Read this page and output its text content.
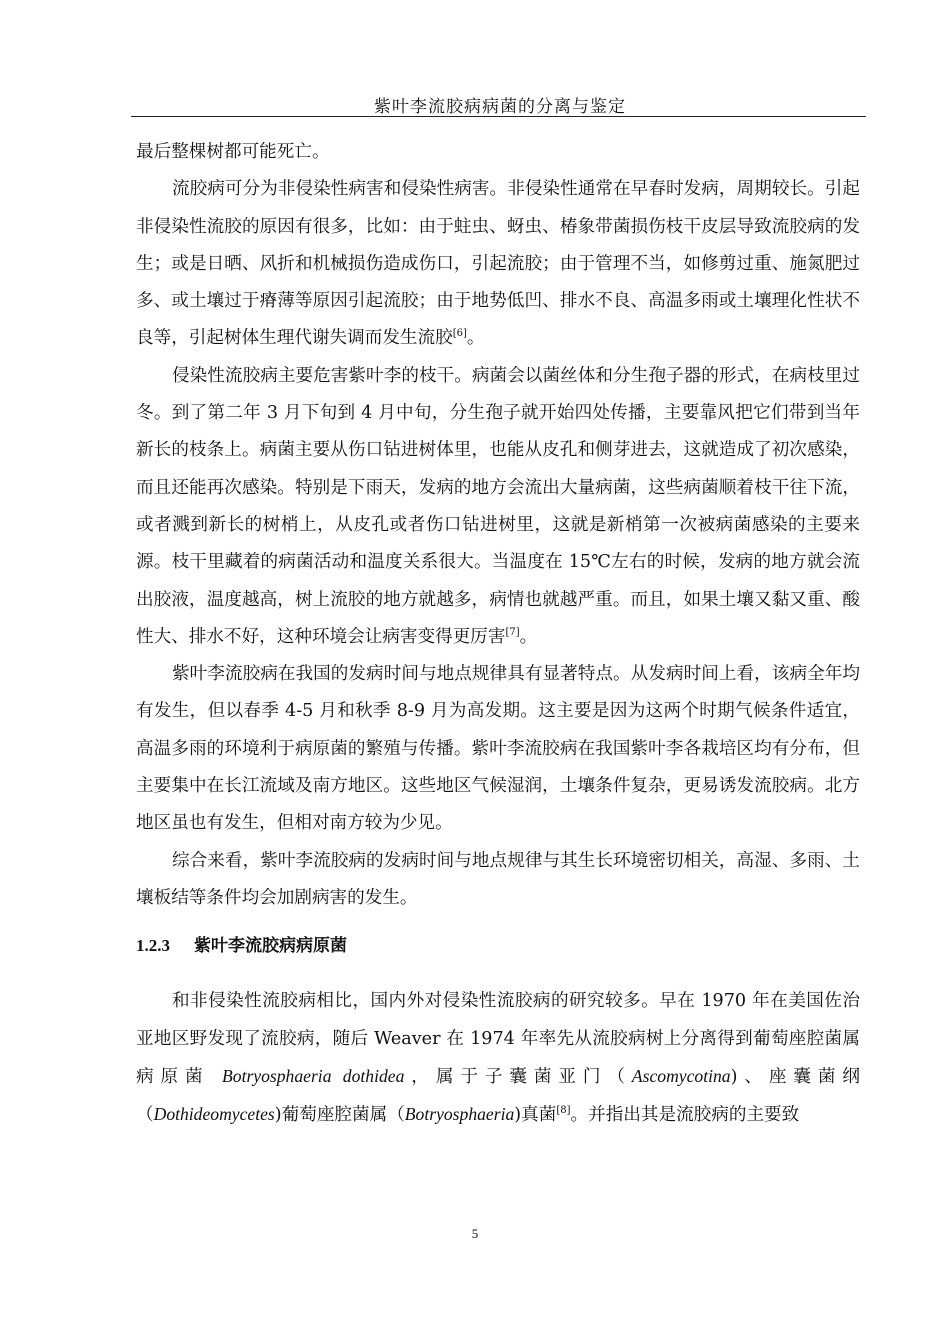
紫叶李流胶病病菌的分离与鉴定

最后整棵树都可能死亡。

流胶病可分为非侵染性病害和侵染性病害。非侵染性通常在早春时发病，周期较长。引起非侵染性流胶的原因有很多，比如：由于蛀虫、蚜虫、椿象带菌损伤枝干皮层导致流胶病的发生；或是日晒、风折和机械损伤造成伤口，引起流胶；由于管理不当，如修剪过重、施氮肥过多、或土壤过于瘠薄等原因引起流胶；由于地势低凹、排水不良、高温多雨或土壤理化性状不良等，引起树体生理代谢失调而发生流胶[6]。

侵染性流胶病主要危害紫叶李的枝干。病菌会以菌丝体和分生孢子器的形式，在病枝里过冬。到了第二年 3 月下旬到 4 月中旬，分生孢子就开始四处传播，主要靠风把它们带到当年新长的枝条上。病菌主要从伤口钻进树体里，也能从皮孔和侧芽进去，这就造成了初次感染，而且还能再次感染。特别是下雨天，发病的地方会流出大量病菌，这些病菌顺着枝干往下流，或者溅到新长的树梢上，从皮孔或者伤口钻进树里，这就是新梢第一次被病菌感染的主要来源。枝干里藏着的病菌活动和温度关系很大。当温度在 15℃左右的时候，发病的地方就会流出胶液，温度越高，树上流胶的地方就越多，病情也就越严重。而且，如果土壤又黏又重、酸性大、排水不好，这种环境会让病害变得更厉害[7]。

紫叶李流胶病在我国的发病时间与地点规律具有显著特点。从发病时间上看，该病全年均有发生，但以春季 4-5 月和秋季 8-9 月为高发期。这主要是因为这两个时期气候条件适宜，高温多雨的环境利于病原菌的繁殖与传播。紫叶李流胶病在我国紫叶李各栽培区均有分布，但主要集中在长江流域及南方地区。这些地区气候湿润，土壤条件复杂，更易诱发流胶病。北方地区虽也有发生，但相对南方较为少见。

综合来看，紫叶李流胶病的发病时间与地点规律与其生长环境密切相关，高湿、多雨、土壤板结等条件均会加剧病害的发生。

1.2.3 紫叶李流胶病病原菌

和非侵染性流胶病相比，国内外对侵染性流胶病的研究较多。早在 1970 年在美国佐治亚地区野发现了流胶病，随后 Weaver 在 1974 年率先从流胶病树上分离得到葡萄座腔菌属病原菌 Botryosphaeria dothidea，属于子囊菌亚门（Ascomycotina)、座囊菌纲（Dothideomycetes)葡萄座腔菌属（Botryosphaeria)真菌[8]。并指出其是流胶病的主要致

5
